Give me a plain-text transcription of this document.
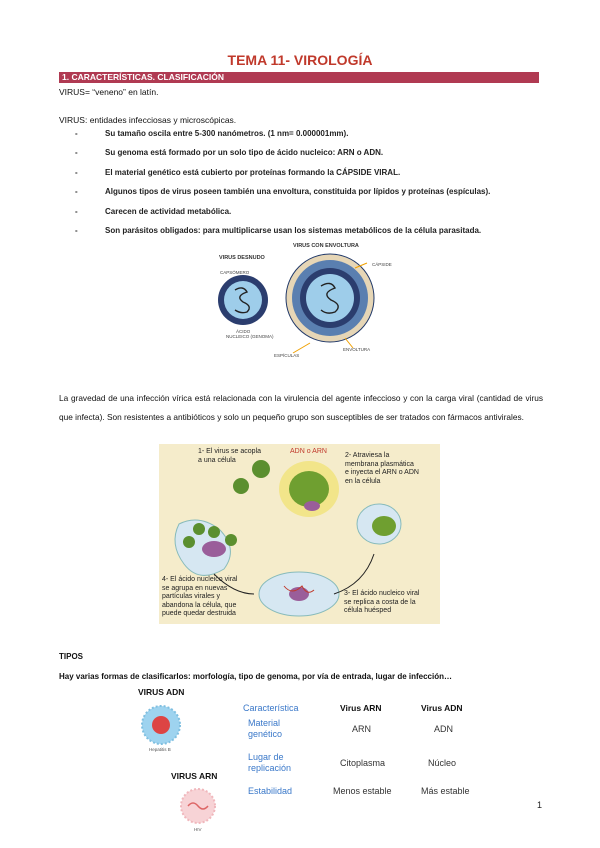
TEMA 11- VIROLOGÍA
1. CARACTERÍSTICAS. CLASIFICACIÓN
VIRUS= “veneno” en latín.
VIRUS: entidades infecciosas y microscópicas.
-	Su tamaño oscila entre 5-300 nanómetros. (1 nm= 0.000001mm).
-	Su genoma está formado por un solo tipo de ácido nucleico: ARN o ADN.
-	El material genético está cubierto por proteínas formando la CÁPSIDE VIRAL.
-	Algunos tipos de virus poseen también una envoltura, constituida por lípidos y proteínas (espículas).
-	Carecen de actividad metabólica.
-	Son parásitos obligados: para multiplicarse usan los sistemas metabólicos de la célula parasitada.
VIRUS DESNUDO
VIRUS CON ENVOLTURA
CAPSÓMERO
ÁCIDO
NUCLEICO (GENOMA)
CÁPSIDE
ENVOLTURA
ESPÍCULAS
La gravedad de una infección vírica está relacionada con la virulencia del agente infeccioso y con la carga viral (cantidad de virus que infecta). Son resistentes a antibióticos y solo un pequeño grupo son susceptibles de ser tratados con fármacos antivirales.
1- El virus se acopla
a una célula
ADN o ARN
2- Atraviesa la
membrana plasmática
e inyecta el ARN o ADN
en la célula
3- El ácido nucleico viral
se replica a costa de la
célula huésped
4- El ácido nucleico viral
se agrupa en nuevas
partículas virales y
abandona la célula, que
puede quedar destruida
TIPOS
Hay varias formas de clasificarlos: morfología, tipo de genoma, por vía de entrada, lugar de infección…
VIRUS ADN
Hepatitis B
VIRUS ARN
HIV
Característica	Virus ARN	Virus ADN
Material
genético	ARN	ADN
Lugar de
replicación	Citoplasma	Núcleo
Estabilidad	Menos estable	Más estable
1
